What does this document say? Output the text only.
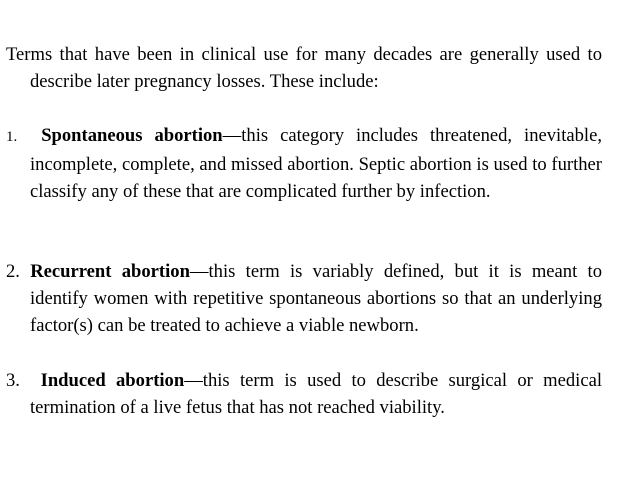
Terms that have been in clinical use for many decades are generally used to describe later pregnancy losses. These include:

1. Spontaneous abortion—this category includes threatened, inevitable, incomplete, complete, and missed abortion. Septic abortion is used to further classify any of these that are complicated further by infection.

2. Recurrent abortion—this term is variably defined, but it is meant to identify women with repetitive spontaneous abortions so that an underlying factor(s) can be treated to achieve a viable newborn.

3. Induced abortion—this term is used to describe surgical or medical termination of a live fetus that has not reached viability.
